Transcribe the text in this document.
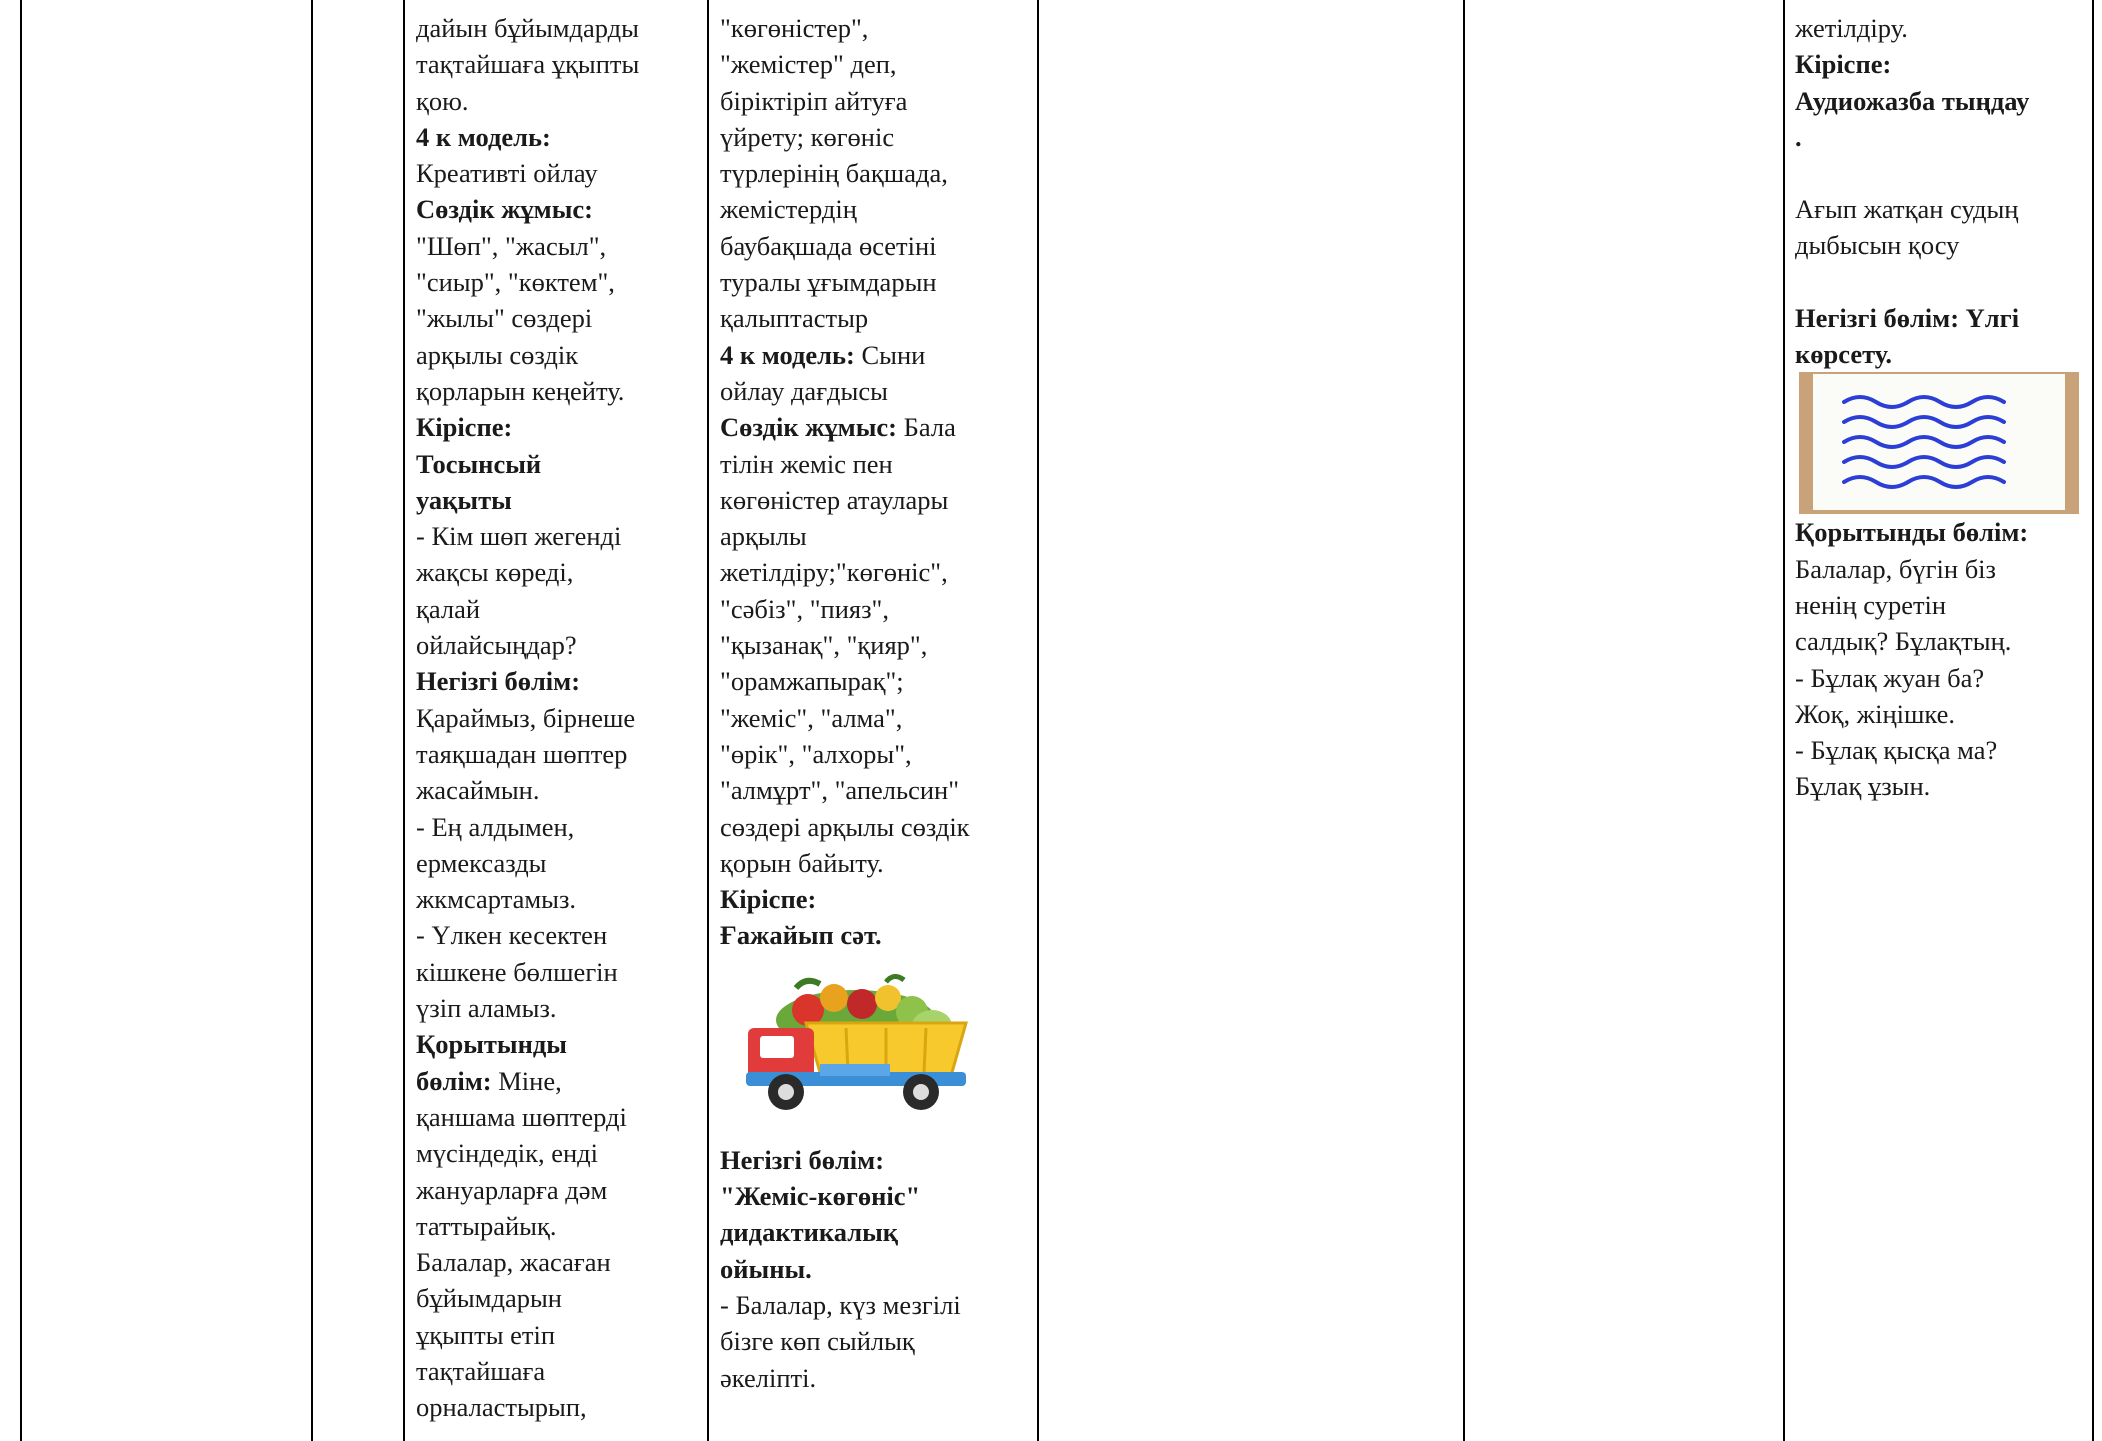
дайын бұйымдарды
тақтайшаға ұқыпты
қою.
4 к модель:
Креативті ойлау
Сөздік жұмыс:
"Шөп", "жасыл",
"сиыр", "көктем",
"жылы" сөздері
арқылы сөздік
қорларын кеңейту.
Кіріспе:
Тосынсый
уақыты
- Кім шөп жегенді
жақсы көреді,
қалай
ойлайсыңдар?
Негізгі бөлім:
Қараймыз, бірнеше
таяқшадан шөптер
жасаймын.
- Ең алдымен,
ермексазды
жкмсартамыз.
- Үлкен кесектен
кішкене бөлшегін
үзіп аламыз.
Қорытынды
бөлім: Міне,
қаншама шөптерді
мүсіндедік, енді
жануарларға дәм
таттырайық.
Балалар, жасаған
бұйымдарын
ұқыпты етіп
тақтайшаға
орналастырып,
"көгөністер",
"жемістер" деп,
біріктіріп айтуға
үйрету; көгөніс
түрлерінің бақшада,
жемістердің
баубақшада өсетіні
туралы ұғымдарын
қалыптастыр
4 к модель: Сыни
ойлау дағдысы
Сөздік жұмыс: Бала
тілін жеміс пен
көгөністер атаулары
арқылы
жетілдіру;"көгөніс",
"сәбіз", "пияз",
"қызанақ", "қияр",
"орамжапырақ";
"жеміс", "алма",
"өрік", "алхоры",
"алмұрт", "апельсин"
сөздері арқылы сөздік
қорын байыту.
Кіріспе:
Ғажайып сәт.
Негізгі бөлім:
"Жеміс-көгөніс"
дидактикалық
ойыны.
- Балалар, күз мезгілі
бізге көп сыйлық
әкеліпті.
жетілдіру.
Кіріспе:
Аудиожазба тыңдау
.
Ағып жатқан судың
дыбысын қосу
Негізгі бөлім: Үлгі
көрсету.
Қорытынды бөлім:
Балалар, бүгін біз
ненің суретін
салдық? Бұлақтың.
- Бұлақ жуан ба?
Жоқ, жіңішке.
- Бұлақ қысқа ма?
Бұлақ ұзын.
